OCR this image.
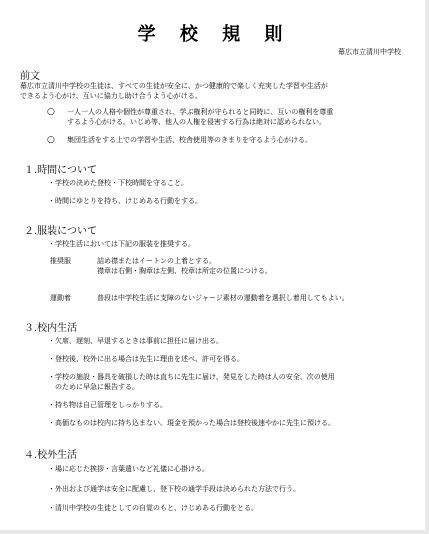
学 校 規 則
幕広市立清川中学校
前文
幕広市立清川中学校の生徒は、すべての生徒が安全に、かつ健康的で楽しく充実した学習や生活が
できるよう心がけ、互いに協力し助け合うよう心がける。
○ 一人一人の人格や個性が尊重され、学ぶ権利が守られると同時に、互いの権利を尊重
するよう心がける。いじめ等、他人の人権を侵害する行為は絶対に認められない。
○ 集団生活をする上での学習や生活、校舎使用等のきまりを守るよう心がける。
１.時間について
・学校の決めた登校・下校時間を守ること。
・時間にゆとりを持ち、けじめある行動をする。
２.服装について
・学校生活においては下記の服装を推奨する。
推奨服	詰め襟またはイートンの上着とする。
襟章は右側・胸章は左側、校章は所定の位置につける。
運動着	普段は中学校生活に支障のないジャージ素材の運動着を選択し着用してもよい。
３.校内生活
・欠席、遅刻、早退するときは事前に担任に届け出る。
・登校後、校外に出る場合は先生に理由を述べ、許可を得る。
・学校の施設・器具を破損した時は直ちに先生に届け、発見をした時は人の安全、次の使用
　のために早急に報告する。
・持ち物は自己管理をしっかりする。
・高価なものは校内に持ち込まない。現金を預かった場合は登校後速やかに先生に預ける。
４.校外生活
・場に応じた挨拶・言葉遣いなど礼儀に心掛ける。
・外出および通学は安全に配慮し、登下校の通学手段は決められた方法で行う。
・清川中学校の生徒としての自覚のもと、けじめある行動をとる。
